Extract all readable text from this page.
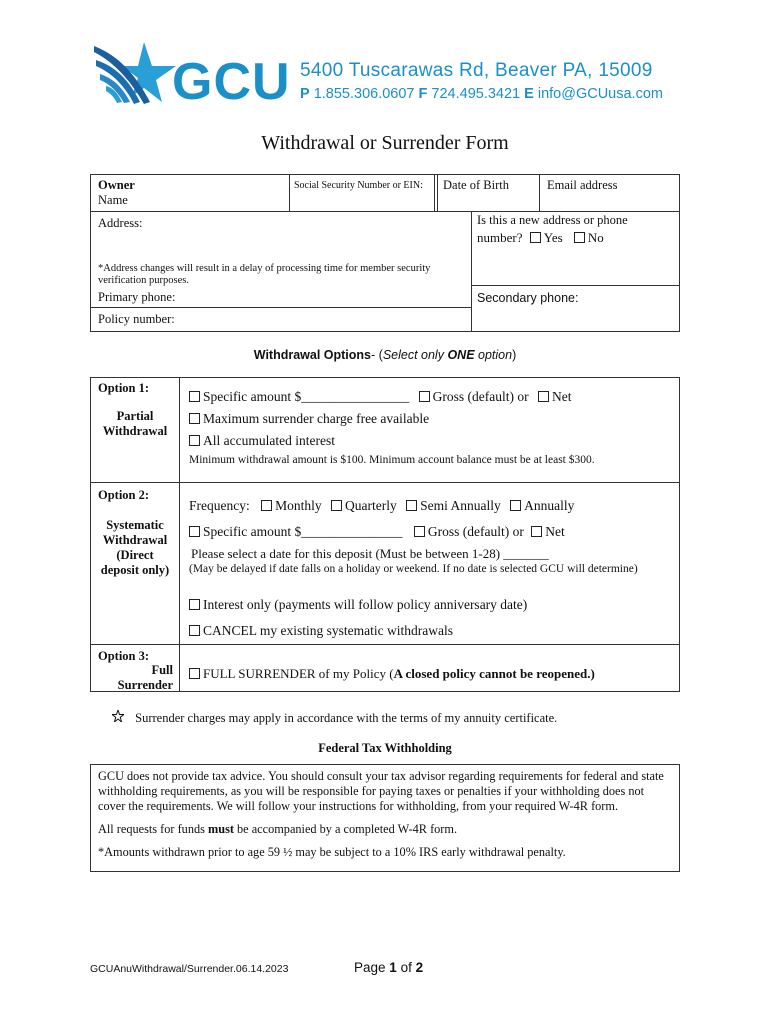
GCU 5400 Tuscarawas Rd, Beaver PA, 15009
P 1.855.306.0607 F 724.495.3421 E info@GCUusa.com
Withdrawal or Surrender Form
Owner
Name
Social Security Number or EIN: Date of Birth	Email address
Address:	Is this a new address or phone
number? Yes No
*Address changes will result in a delay of processing time for member security verification purposes.
Primary phone:	Secondary phone:
Policy number:
Withdrawal Options- (Select only ONE option)
Option 1:
Partial
Withdrawal
Specific amount $________________ Gross (default) or Net
Maximum surrender charge free available
All accumulated interest
Minimum withdrawal amount is $100. Minimum account balance must be at least $300.
Option 2:
Systematic
Withdrawal
(Direct
deposit only)
Frequency: Monthly Quarterly Semi Annually Annually
Specific amount $_______________ Gross (default) or Net
Please select a date for this deposit (Must be between 1-28) _______
(May be delayed if date falls on a holiday or weekend. If no date is selected GCU will determine)
Interest only (payments will follow policy anniversary date)
CANCEL my existing systematic withdrawals
Option 3:
Full
Surrender
FULL SURRENDER of my Policy (A closed policy cannot be reopened.)
Surrender charges may apply in accordance with the terms of my annuity certificate.
Federal Tax Withholding

GCU does not provide tax advice. You should consult your tax advisor regarding requirements for federal and state withholding requirements, as you will be responsible for paying taxes or penalties if your withholding does not cover the requirements. We will follow your instructions for withholding, from your required W-4R form.

All requests for funds must be accompanied by a completed W-4R form.

*Amounts withdrawn prior to age 59 ½ may be subject to a 10% IRS early withdrawal penalty.

GCUAnuWithdrawal/Surrender.06.14.2023	Page 1 of 2
